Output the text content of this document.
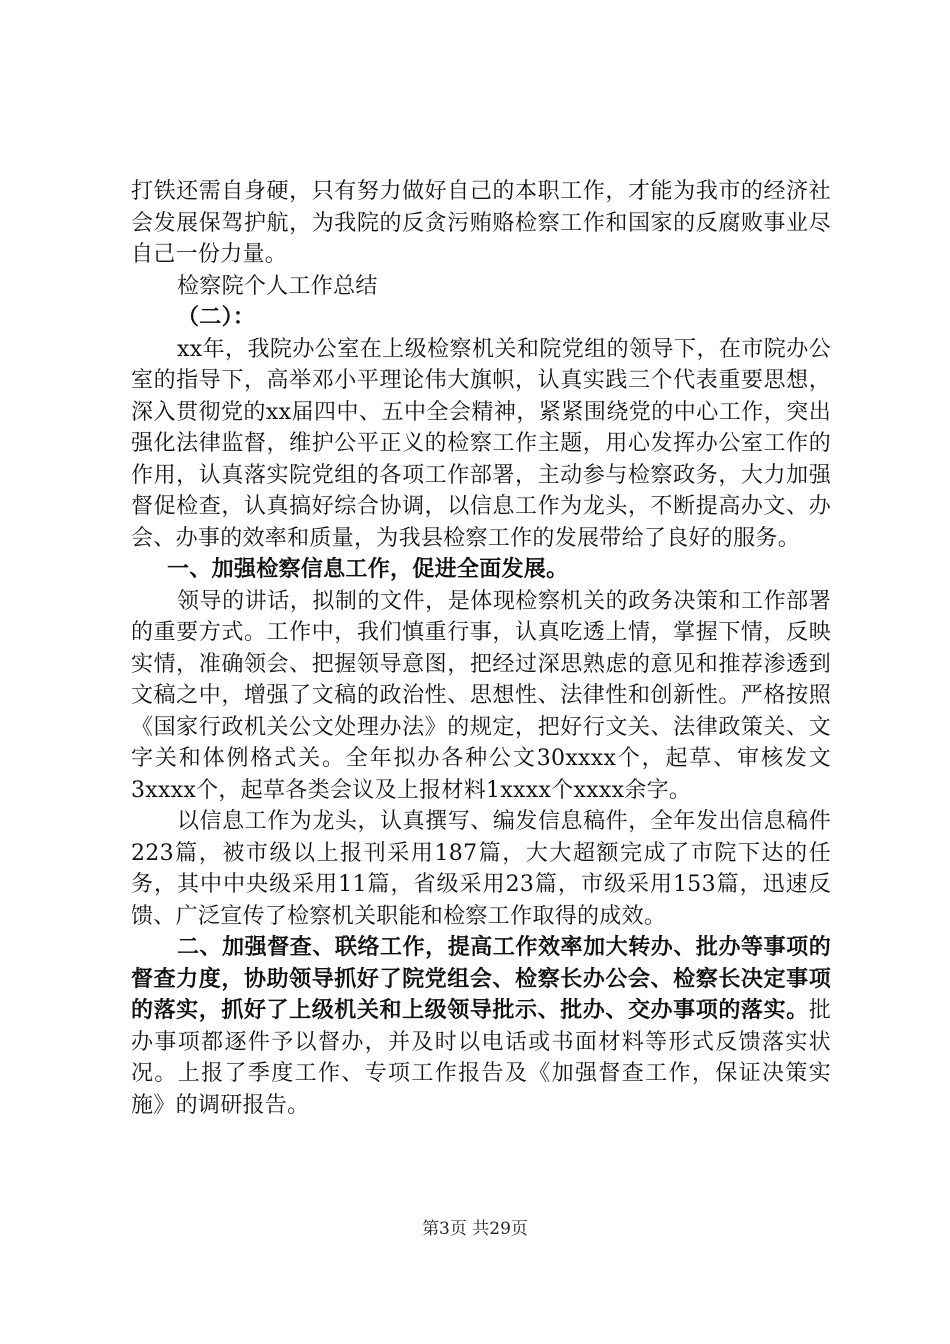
打铁还需自身硬，只有努力做好自己的本职工作，才能为我市的经济社会发展保驾护航，为我院的反贪污贿赂检察工作和国家的反腐败事业尽自己一份力量。

检察院个人工作总结

（二）：

xx年，我院办公室在上级检察机关和院党组的领导下，在市院办公室的指导下，高举邓小平理论伟大旗帜，认真实践三个代表重要思想，深入贯彻党的xx届四中、五中全会精神，紧紧围绕党的中心工作，突出强化法律监督，维护公平正义的检察工作主题，用心发挥办公室工作的作用，认真落实院党组的各项工作部署，主动参与检察政务，大力加强督促检查，认真搞好综合协调，以信息工作为龙头，不断提高办文、办会、办事的效率和质量，为我县检察工作的发展带给了良好的服务。

一、加强检察信息工作，促进全面发展。

领导的讲话，拟制的文件，是体现检察机关的政务决策和工作部署的重要方式。工作中，我们慎重行事，认真吃透上情，掌握下情，反映实情，准确领会、把握领导意图，把经过深思熟虑的意见和推荐渗透到文稿之中，增强了文稿的政治性、思想性、法律性和创新性。严格按照《国家行政机关公文处理办法》的规定，把好行文关、法律政策关、文字关和体例格式关。全年拟办各种公文30xxxx个，起草、审核发文3xxxx个，起草各类会议及上报材料1xxxx个xxxx余字。

以信息工作为龙头，认真撰写、编发信息稿件，全年发出信息稿件223篇，被市级以上报刊采用187篇，大大超额完成了市院下达的任务，其中中央级采用11篇，省级采用23篇，市级采用153篇，迅速反馈、广泛宣传了检察机关职能和检察工作取得的成效。

二、加强督查、联络工作，提高工作效率加大转办、批办等事项的督查力度，协助领导抓好了院党组会、检察长办公会、检察长决定事项的落实，抓好了上级机关和上级领导批示、批办、交办事项的落实。批办事项都逐件予以督办，并及时以电话或书面材料等形式反馈落实状况。上报了季度工作、专项工作报告及《加强督查工作，保证决策实施》的调研报告。

第3页 共29页
